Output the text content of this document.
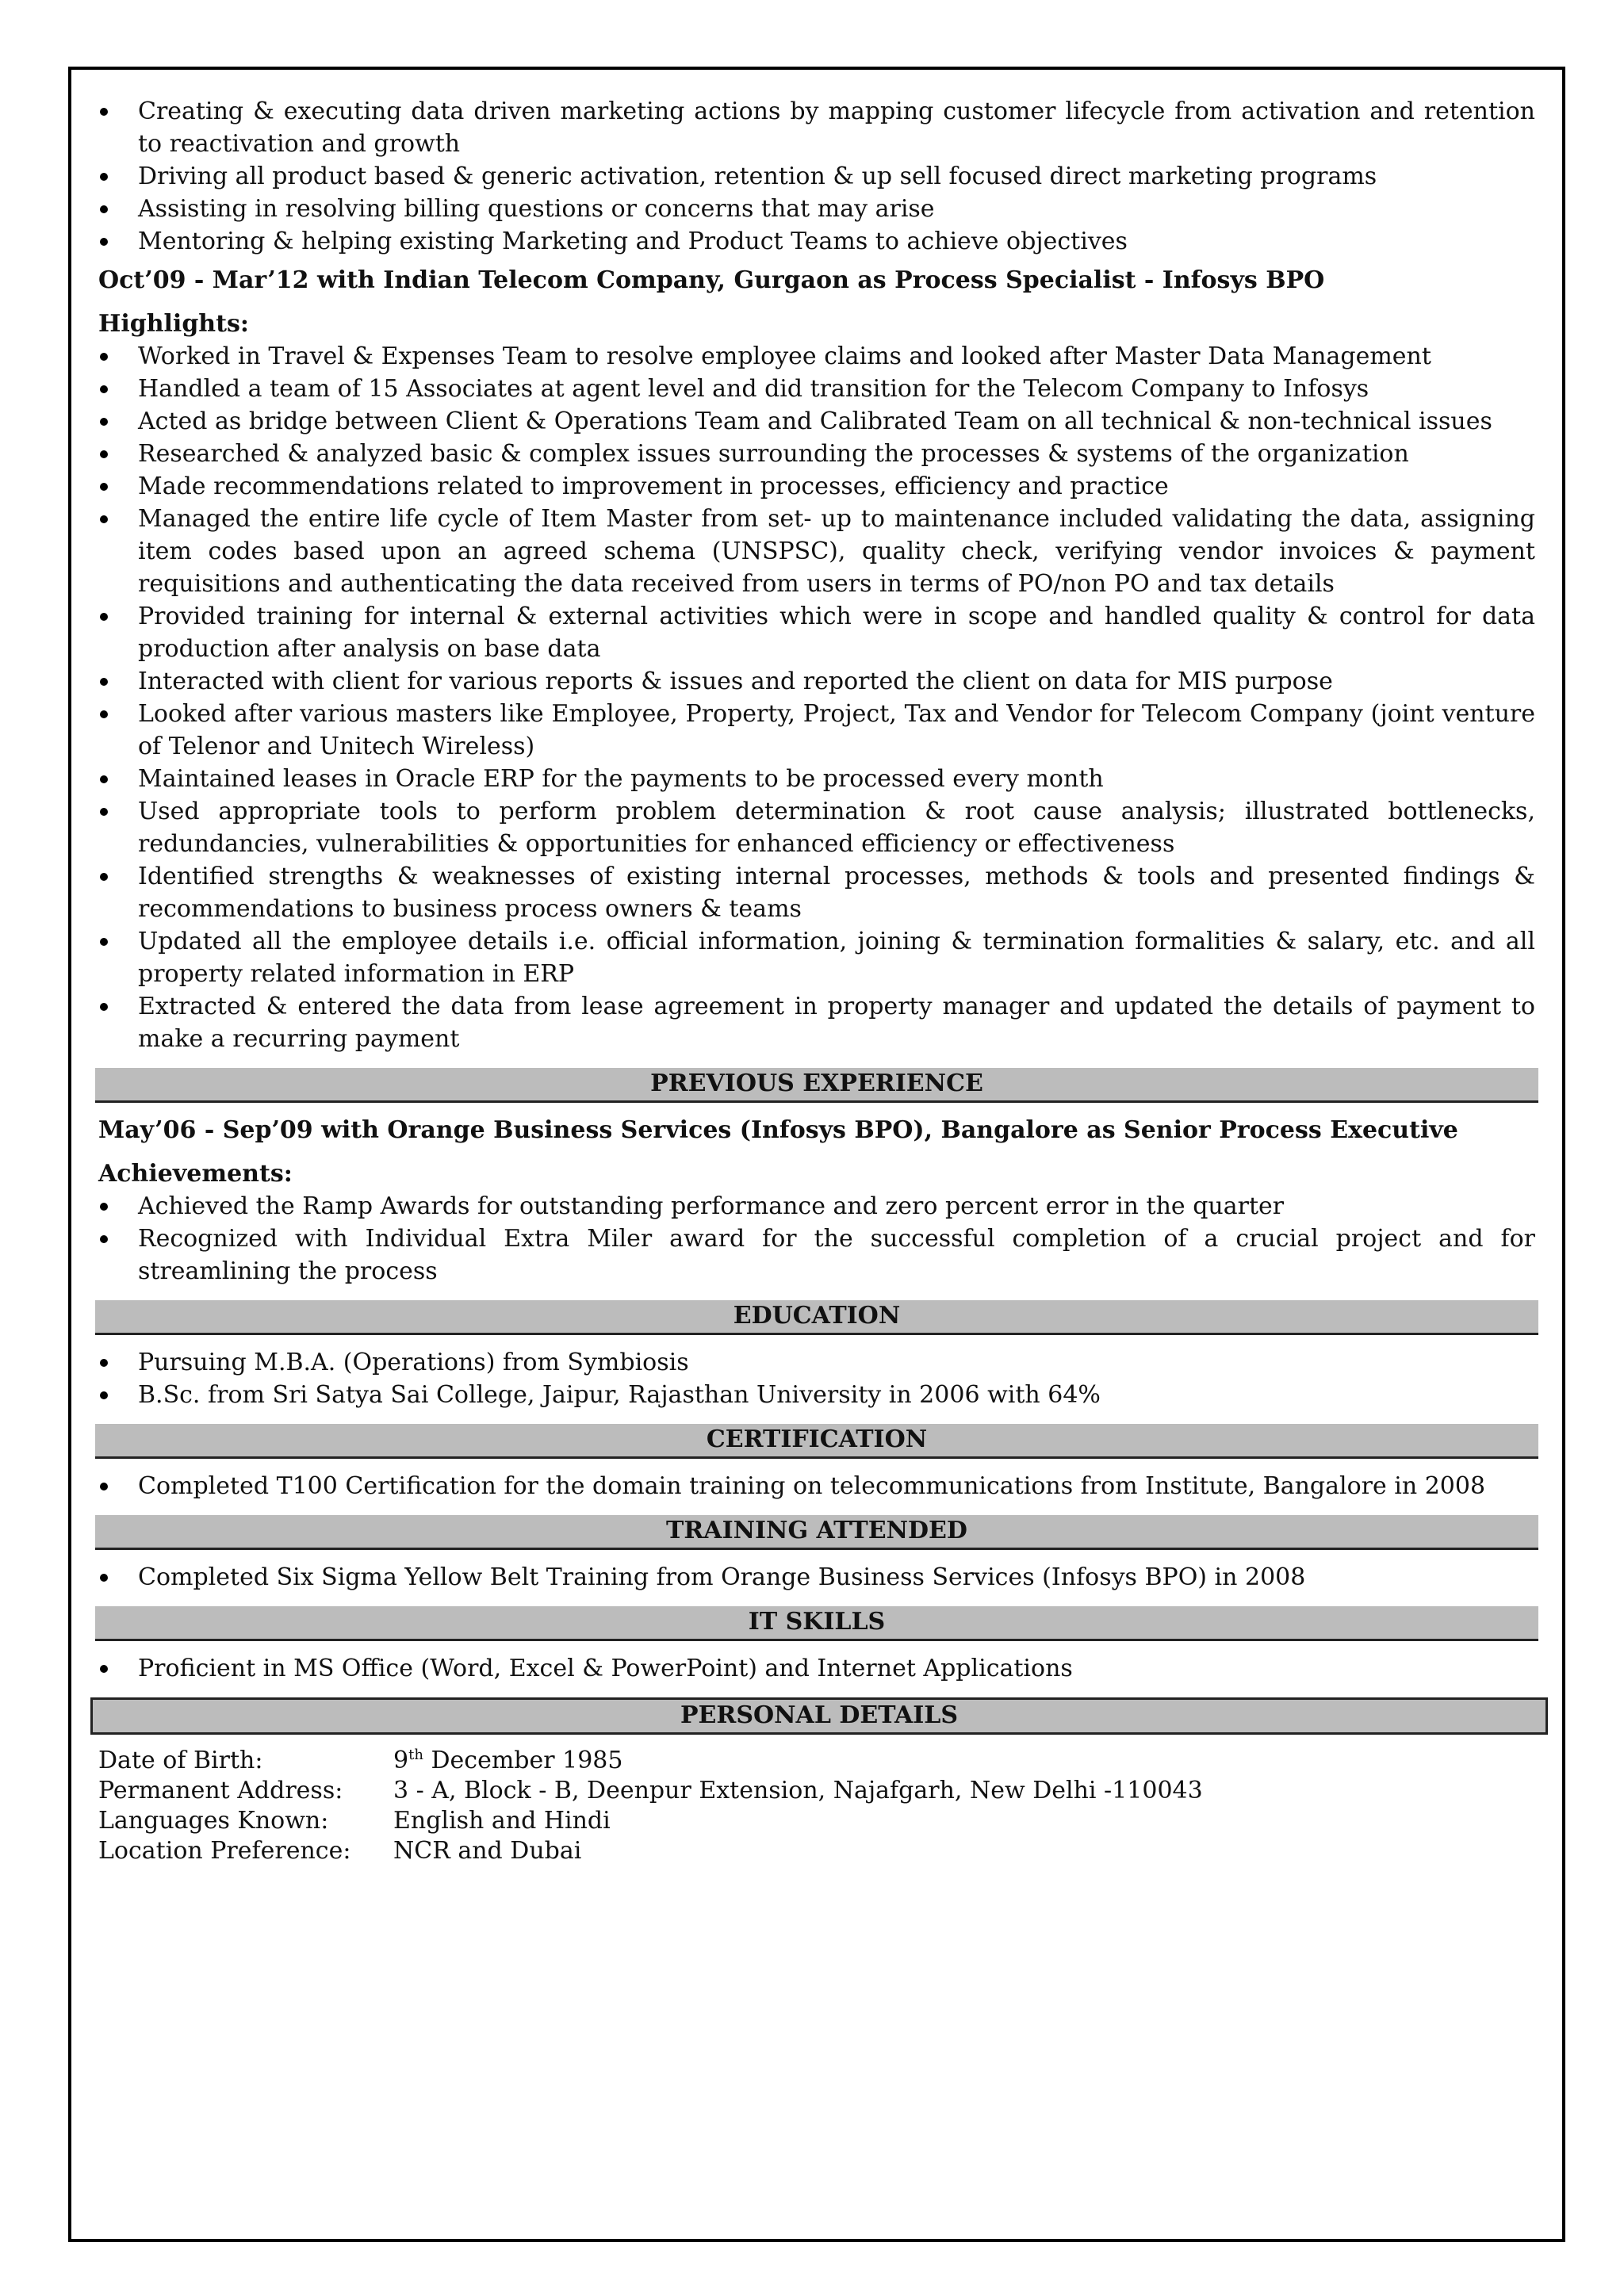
Creating & executing data driven marketing actions by mapping customer lifecycle from activation and retention to reactivation and growth
Driving all product based & generic activation, retention & up sell focused direct marketing programs
Assisting in resolving billing questions or concerns that may arise
Mentoring & helping existing Marketing and Product Teams to achieve objectives
Oct’09 - Mar’12 with Indian Telecom Company, Gurgaon as Process Specialist - Infosys BPO
Highlights:
Worked in Travel & Expenses Team to resolve employee claims and looked after Master Data Management
Handled a team of 15 Associates at agent level and did transition for the Telecom Company to Infosys
Acted as bridge between Client & Operations Team and Calibrated Team on all technical & non-technical issues
Researched & analyzed basic & complex issues surrounding the processes & systems of the organization
Made recommendations related to improvement in processes, efficiency and practice
Managed the entire life cycle of Item Master from set- up to maintenance included validating the data, assigning item codes based upon an agreed schema (UNSPSC), quality check, verifying vendor invoices & payment requisitions and authenticating the data received from users in terms of PO/non PO and tax details
Provided training for internal & external activities which were in scope and handled quality & control for data production after analysis on base data
Interacted with client for various reports & issues and reported the client on data for MIS purpose
Looked after various masters like Employee, Property, Project, Tax and Vendor for Telecom Company (joint venture of Telenor and Unitech Wireless)
Maintained leases in Oracle ERP for the payments to be processed every month
Used appropriate tools to perform problem determination & root cause analysis; illustrated bottlenecks, redundancies, vulnerabilities & opportunities for enhanced efficiency or effectiveness
Identified strengths & weaknesses of existing internal processes, methods & tools and presented findings & recommendations to business process owners & teams
Updated all the employee details i.e. official information, joining & termination formalities & salary, etc. and all property related information in ERP
Extracted & entered the data from lease agreement in property manager and updated the details of payment to make a recurring payment
PREVIOUS EXPERIENCE
May’06 - Sep’09 with Orange Business Services (Infosys BPO), Bangalore as Senior Process Executive
Achievements:
Achieved the Ramp Awards for outstanding performance and zero percent error in the quarter
Recognized with Individual Extra Miler award for the successful completion of a crucial project and for streamlining the process
EDUCATION
Pursuing M.B.A. (Operations) from Symbiosis
B.Sc. from Sri Satya Sai College, Jaipur, Rajasthan University in 2006 with 64%
CERTIFICATION
Completed T100 Certification for the domain training on telecommunications from Institute, Bangalore in 2008
TRAINING ATTENDED
Completed Six Sigma Yellow Belt Training from Orange Business Services (Infosys BPO) in 2008
IT SKILLS
Proficient in MS Office (Word, Excel & PowerPoint) and Internet Applications
PERSONAL DETAILS
Date of Birth:	9th December 1985
Permanent Address:	3 - A, Block - B, Deenpur Extension, Najafgarh, New Delhi -110043
Languages Known:	English and Hindi
Location Preference:	NCR and Dubai
